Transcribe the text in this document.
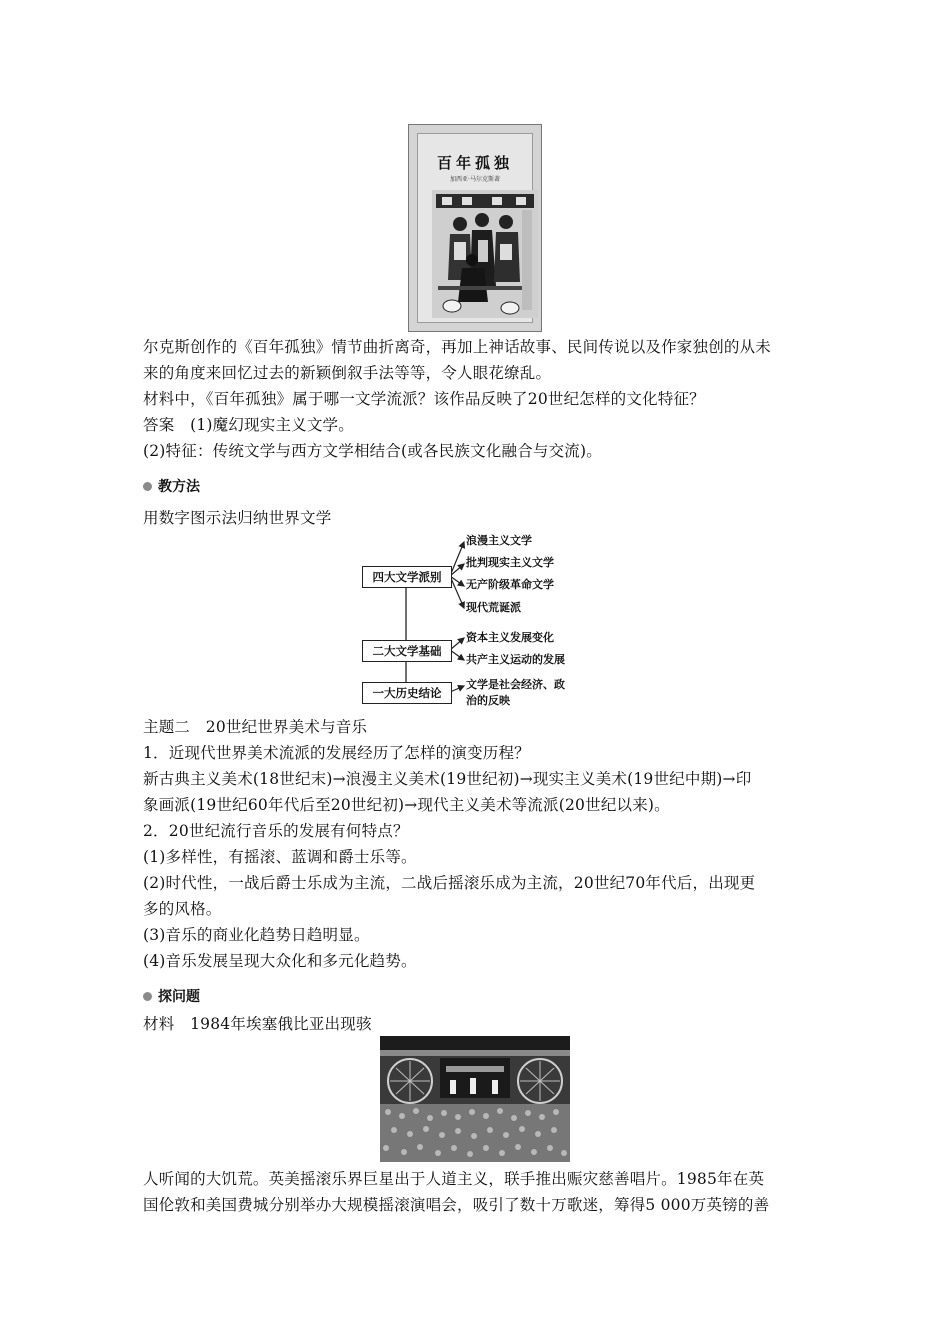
百年孤独
加西亚·马尔克斯著
尔克斯创作的《百年孤独》情节曲折离奇，再加上神话故事、民间传说以及作家独创的从未
来的角度来回忆过去的新颖倒叙手法等等，令人眼花缭乱。
材料中，《百年孤独》属于哪一文学流派？该作品反映了20世纪怎样的文化特征？
答案　(1)魔幻现实主义文学。
(2)特征：传统文学与西方文学相结合(或各民族文化融合与交流)。
教方法
用数字图示法归纳世界文学
四大文学派别
二大文学基础
一大历史结论
浪漫主义文学
批判现实主义文学
无产阶级革命文学
现代荒诞派
资本主义发展变化
共产主义运动的发展
文学是社会经济、政
治的反映
主题二　20世纪世界美术与音乐
1．近现代世界美术流派的发展经历了怎样的演变历程？
新古典主义美术(18世纪末)→浪漫主义美术(19世纪初)→现实主义美术(19世纪中期)→印
象画派(19世纪60年代后至20世纪初)→现代主义美术等流派(20世纪以来)。
2．20世纪流行音乐的发展有何特点？
(1)多样性，有摇滚、蓝调和爵士乐等。
(2)时代性，一战后爵士乐成为主流，二战后摇滚乐成为主流，20世纪70年代后，出现更
多的风格。
(3)音乐的商业化趋势日趋明显。
(4)音乐发展呈现大众化和多元化趋势。
探问题
材料　1984年埃塞俄比亚出现骇
人听闻的大饥荒。英美摇滚乐界巨星出于人道主义，联手推出赈灾慈善唱片。1985年在英
国伦敦和美国费城分别举办大规模摇滚演唱会，吸引了数十万歌迷，筹得5 000万英镑的善
